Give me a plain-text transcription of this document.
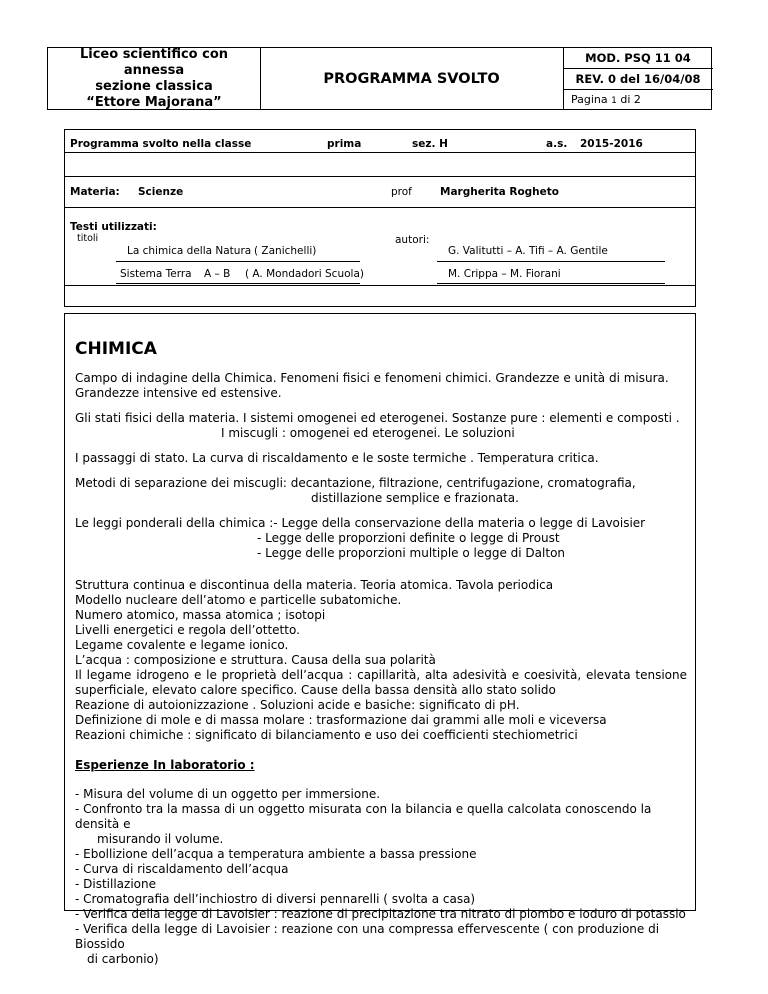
Liceo scientifico con annessa
sezione classica
“Ettore Majorana”
PROGRAMMA SVOLTO
MOD. PSQ 11 04
REV. 0 del 16/04/08
Pagina 1 di 2
Programma svolto nella classe	prima	sez. H	a.s. 2015-2016
Materia: Scienze	prof	Margherita Rogheto
Testi utilizzati:
titoli	autori:
La chimica della Natura ( Zanichelli)	G. Valitutti – A. Tifi – A. Gentile
Sistema Terra A – B ( A. Mondadori Scuola)	M. Crippa – M. Fiorani
CHIMICA

Campo di indagine della Chimica. Fenomeni fisici e fenomeni chimici. Grandezze e unità di misura.
Grandezze intensive ed estensive.

Gli stati fisici della materia. I sistemi omogenei ed eterogenei. Sostanze pure : elementi e composti .
I miscugli : omogenei ed eterogenei. Le soluzioni

I passaggi di stato. La curva di riscaldamento e le soste termiche . Temperatura critica.

Metodi di separazione dei miscugli: decantazione, filtrazione, centrifugazione, cromatografia,
distillazione semplice e frazionata.

Le leggi ponderali della chimica :- Legge della conservazione della materia o legge di Lavoisier
- Legge delle proporzioni definite o legge di Proust
- Legge delle proporzioni multiple o legge di Dalton

Struttura continua e discontinua della materia. Teoria atomica. Tavola periodica
Modello nucleare dell’atomo e particelle subatomiche.
Numero atomico, massa atomica ; isotopi
Livelli energetici e regola dell’ottetto.
Legame covalente e legame ionico.
L’acqua : composizione e struttura. Causa della sua polarità
Il legame idrogeno e le proprietà dell’acqua : capillarità, alta adesività e coesività, elevata tensione superficiale, elevato calore specifico. Cause della bassa densità allo stato solido
Reazione di autoionizzazione . Soluzioni acide e basiche: significato di pH.
Definizione di mole e di massa molare : trasformazione dai grammi alle moli e viceversa
Reazioni chimiche : significato di bilanciamento e uso dei coefficienti stechiometrici

Esperienze In laboratorio :

- Misura del volume di un oggetto per immersione.
- Confronto tra la massa di un oggetto misurata con la bilancia e quella calcolata conoscendo la densità e
misurando il volume.
- Ebollizione dell’acqua a temperatura ambiente a bassa pressione
- Curva di riscaldamento dell’acqua
- Distillazione
- Cromatografia dell’inchiostro di diversi pennarelli ( svolta a casa)
- Verifica della legge di Lavoisier : reazione di precipitazione tra nitrato di piombo e ioduro di potassio
- Verifica della legge di Lavoisier : reazione con una compressa effervescente ( con produzione di Biossido
di carbonio)
